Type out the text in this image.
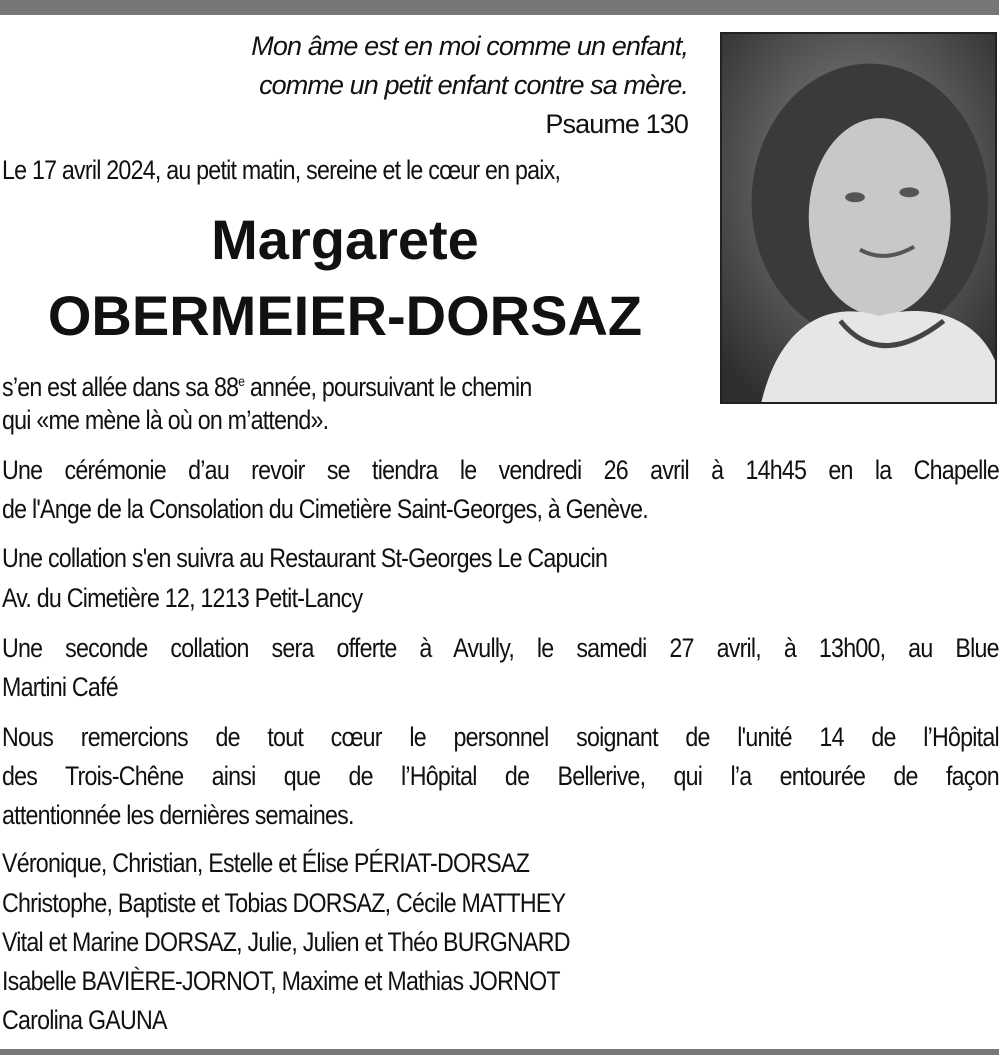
Mon âme est en moi comme un enfant,
comme un petit enfant contre sa mère.
Psaume 130

Le 17 avril 2024, au petit matin, sereine et le cœur en paix,

Margarete
OBERMEIER-DORSAZ

s’en est allée dans sa 88e année, poursuivant le chemin

qui «me mène là où on m’attend».

Une cérémonie d’au revoir se tiendra le vendredi 26 avril à 14h45 en la Chapelle

de l'Ange de la Consolation du Cimetière Saint-Georges, à Genève.

Une collation s'en suivra au Restaurant St-Georges Le Capucin

Av. du Cimetière 12, 1213 Petit-Lancy

Une seconde collation sera offerte à Avully, le samedi 27 avril, à 13h00, au Blue

Martini Café

Nous remercions de tout cœur le personnel soignant de l'unité 14 de l’Hôpital

des Trois-Chêne ainsi que de l’Hôpital de Bellerive, qui l’a entourée de façon

attentionnée les dernières semaines.

Véronique, Christian, Estelle et Élise PÉRIAT-DORSAZ

Christophe, Baptiste et Tobias DORSAZ, Cécile MATTHEY

Vital et Marine DORSAZ, Julie, Julien et Théo BURGNARD

Isabelle BAVIÈRE-JORNOT, Maxime et Mathias JORNOT

Carolina GAUNA
